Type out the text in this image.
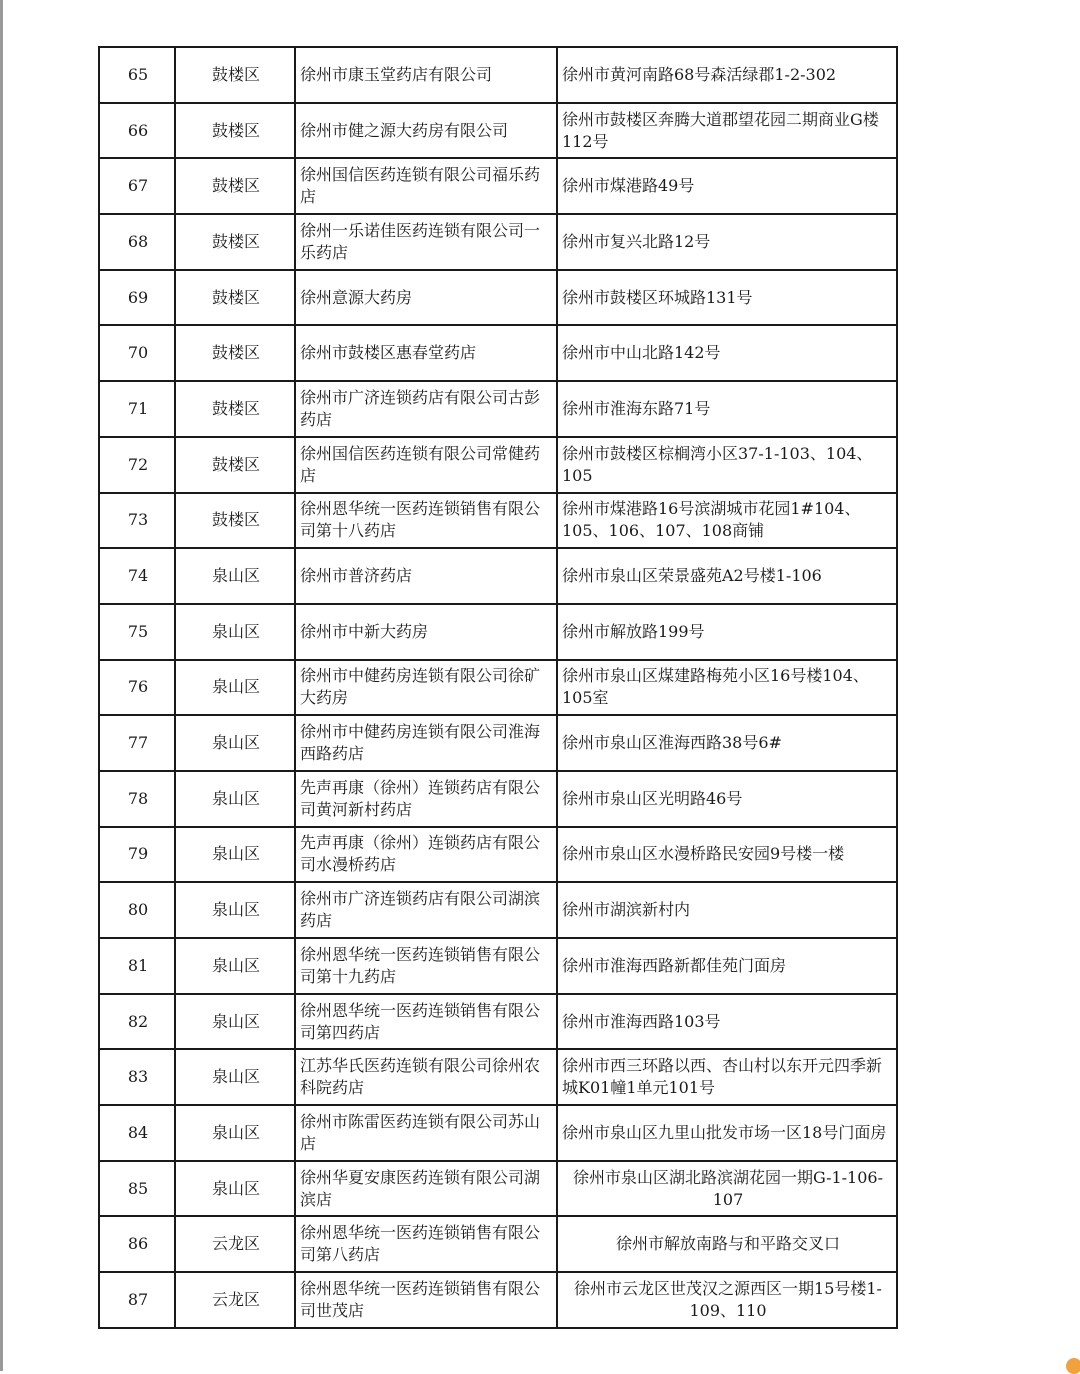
65	鼓楼区	徐州市康玉堂药店有限公司	徐州市黄河南路68号森活绿郡1-2-302
66	鼓楼区	徐州市健之源大药房有限公司	徐州市鼓楼区奔腾大道郡望花园二期商业G楼112号
67	鼓楼区	徐州国信医药连锁有限公司福乐药店	徐州市煤港路49号
68	鼓楼区	徐州一乐诺佳医药连锁有限公司一乐药店	徐州市复兴北路12号
69	鼓楼区	徐州意源大药房	徐州市鼓楼区环城路131号
70	鼓楼区	徐州市鼓楼区惠春堂药店	徐州市中山北路142号
71	鼓楼区	徐州市广济连锁药店有限公司古彭药店	徐州市淮海东路71号
72	鼓楼区	徐州国信医药连锁有限公司常健药店	徐州市鼓楼区棕榈湾小区37-1-103、104、105
73	鼓楼区	徐州恩华统一医药连锁销售有限公司第十八药店	徐州市煤港路16号滨湖城市花园1#104、105、106、107、108商铺
74	泉山区	徐州市普济药店	徐州市泉山区荣景盛苑A2号楼1-106
75	泉山区	徐州市中新大药房	徐州市解放路199号
76	泉山区	徐州市中健药房连锁有限公司徐矿大药房	徐州市泉山区煤建路梅苑小区16号楼104、105室
77	泉山区	徐州市中健药房连锁有限公司淮海西路药店	徐州市泉山区淮海西路38号6#
78	泉山区	先声再康（徐州）连锁药店有限公司黄河新村药店	徐州市泉山区光明路46号
79	泉山区	先声再康（徐州）连锁药店有限公司水漫桥药店	徐州市泉山区水漫桥路民安园9号楼一楼
80	泉山区	徐州市广济连锁药店有限公司湖滨药店	徐州市湖滨新村内
81	泉山区	徐州恩华统一医药连锁销售有限公司第十九药店	徐州市淮海西路新都佳苑门面房
82	泉山区	徐州恩华统一医药连锁销售有限公司第四药店	徐州市淮海西路103号
83	泉山区	江苏华氏医药连锁有限公司徐州农科院药店	徐州市西三环路以西、杏山村以东开元四季新城K01幢1单元101号
84	泉山区	徐州市陈雷医药连锁有限公司苏山店	徐州市泉山区九里山批发市场一区18号门面房
85	泉山区	徐州华夏安康医药连锁有限公司湖滨店	徐州市泉山区湖北路滨湖花园一期G-1-106-107
86	云龙区	徐州恩华统一医药连锁销售有限公司第八药店	徐州市解放南路与和平路交叉口
87	云龙区	徐州恩华统一医药连锁销售有限公司世茂店	徐州市云龙区世茂汉之源西区一期15号楼1-109、110
